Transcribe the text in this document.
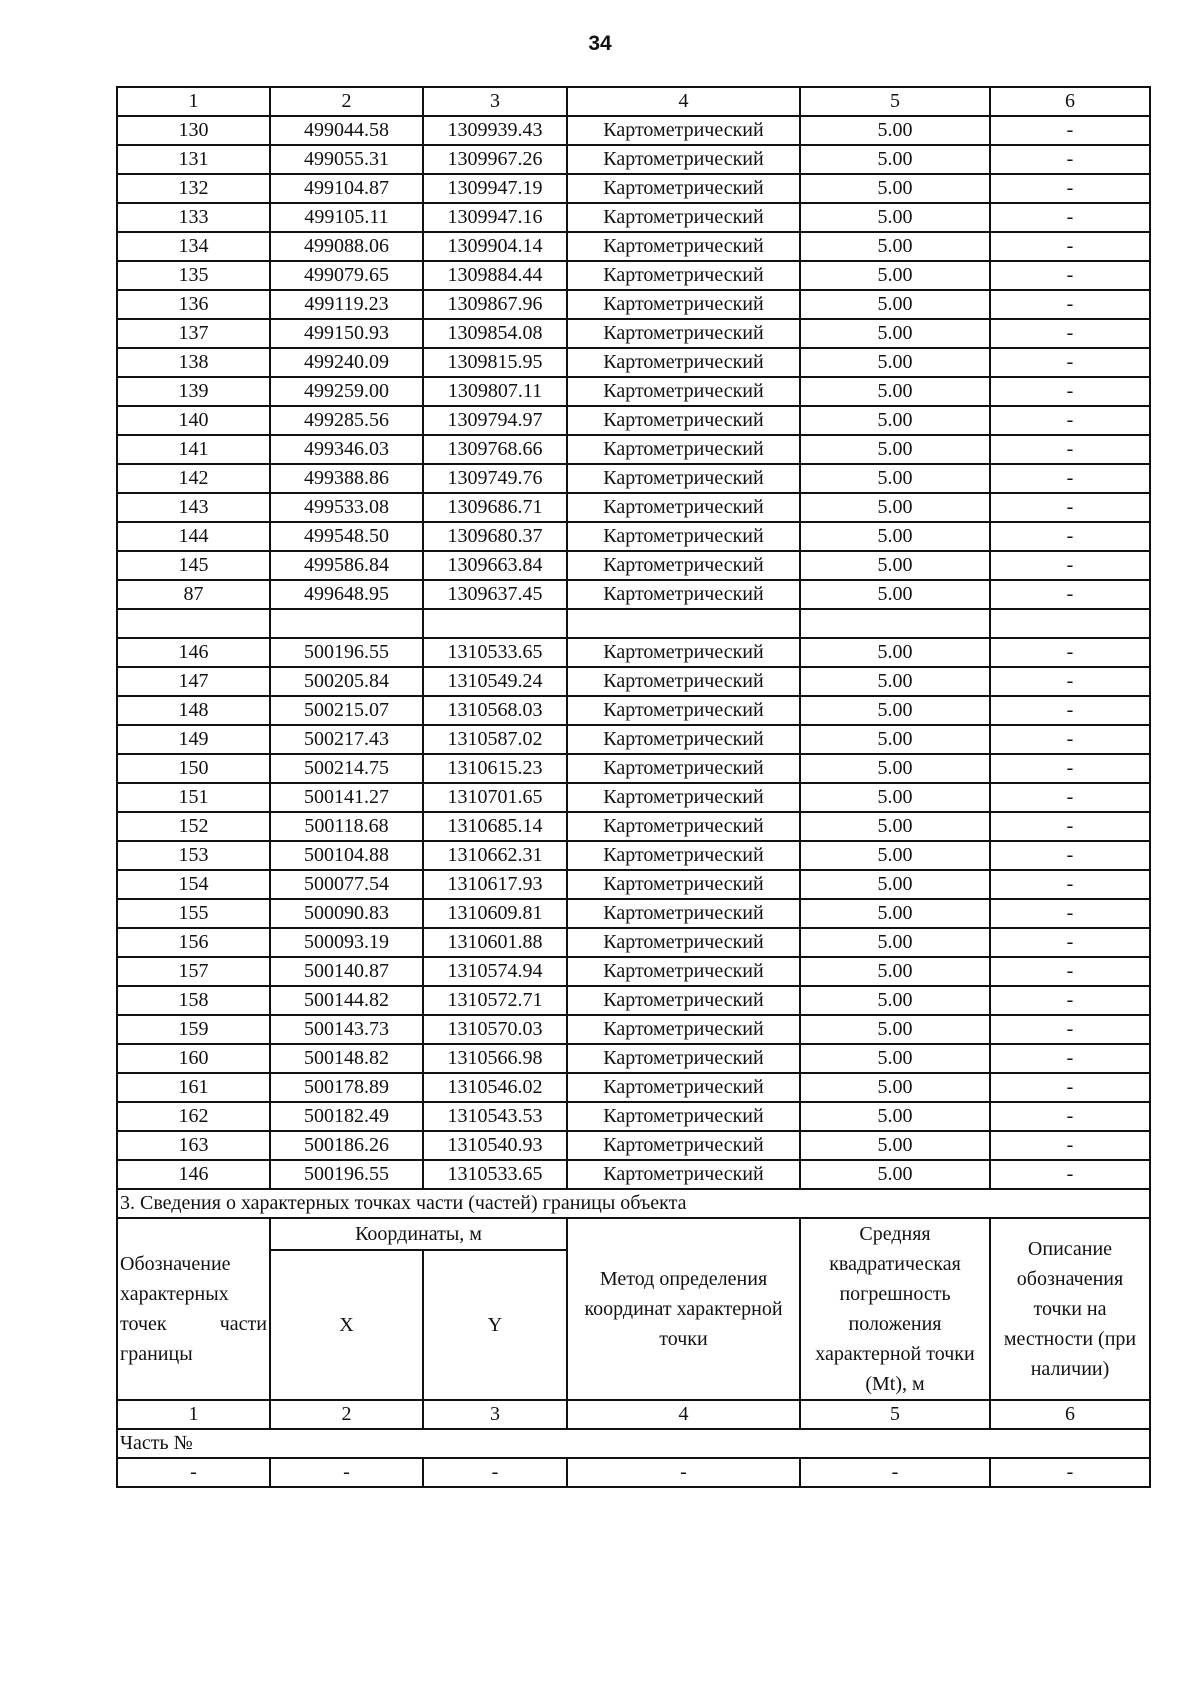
34
1	2	3	4	5	6
130	499044.58	1309939.43	Картометрический	5.00	-
131	499055.31	1309967.26	Картометрический	5.00	-
132	499104.87	1309947.19	Картометрический	5.00	-
133	499105.11	1309947.16	Картометрический	5.00	-
134	499088.06	1309904.14	Картометрический	5.00	-
135	499079.65	1309884.44	Картометрический	5.00	-
136	499119.23	1309867.96	Картометрический	5.00	-
137	499150.93	1309854.08	Картометрический	5.00	-
138	499240.09	1309815.95	Картометрический	5.00	-
139	499259.00	1309807.11	Картометрический	5.00	-
140	499285.56	1309794.97	Картометрический	5.00	-
141	499346.03	1309768.66	Картометрический	5.00	-
142	499388.86	1309749.76	Картометрический	5.00	-
143	499533.08	1309686.71	Картометрический	5.00	-
144	499548.50	1309680.37	Картометрический	5.00	-
145	499586.84	1309663.84	Картометрический	5.00	-
87	499648.95	1309637.45	Картометрический	5.00	-

146	500196.55	1310533.65	Картометрический	5.00	-
147	500205.84	1310549.24	Картометрический	5.00	-
148	500215.07	1310568.03	Картометрический	5.00	-
149	500217.43	1310587.02	Картометрический	5.00	-
150	500214.75	1310615.23	Картометрический	5.00	-
151	500141.27	1310701.65	Картометрический	5.00	-
152	500118.68	1310685.14	Картометрический	5.00	-
153	500104.88	1310662.31	Картометрический	5.00	-
154	500077.54	1310617.93	Картометрический	5.00	-
155	500090.83	1310609.81	Картометрический	5.00	-
156	500093.19	1310601.88	Картометрический	5.00	-
157	500140.87	1310574.94	Картометрический	5.00	-
158	500144.82	1310572.71	Картометрический	5.00	-
159	500143.73	1310570.03	Картометрический	5.00	-
160	500148.82	1310566.98	Картометрический	5.00	-
161	500178.89	1310546.02	Картометрический	5.00	-
162	500182.49	1310543.53	Картометрический	5.00	-
163	500186.26	1310540.93	Картометрический	5.00	-
146	500196.55	1310533.65	Картометрический	5.00	-
3. Сведения о характерных точках части (частей) границы объекта					
Обозначение характерных точек части границы	Координаты, м		Метод определения координат характерной точки	Средняя квадратическая погрешность положения характерной точки (Mt), м	Описание обозначения точки на местности (при наличии)
	X	Y			
1	2	3	4	5	6
Часть №					
-	-	-	-	-	-
